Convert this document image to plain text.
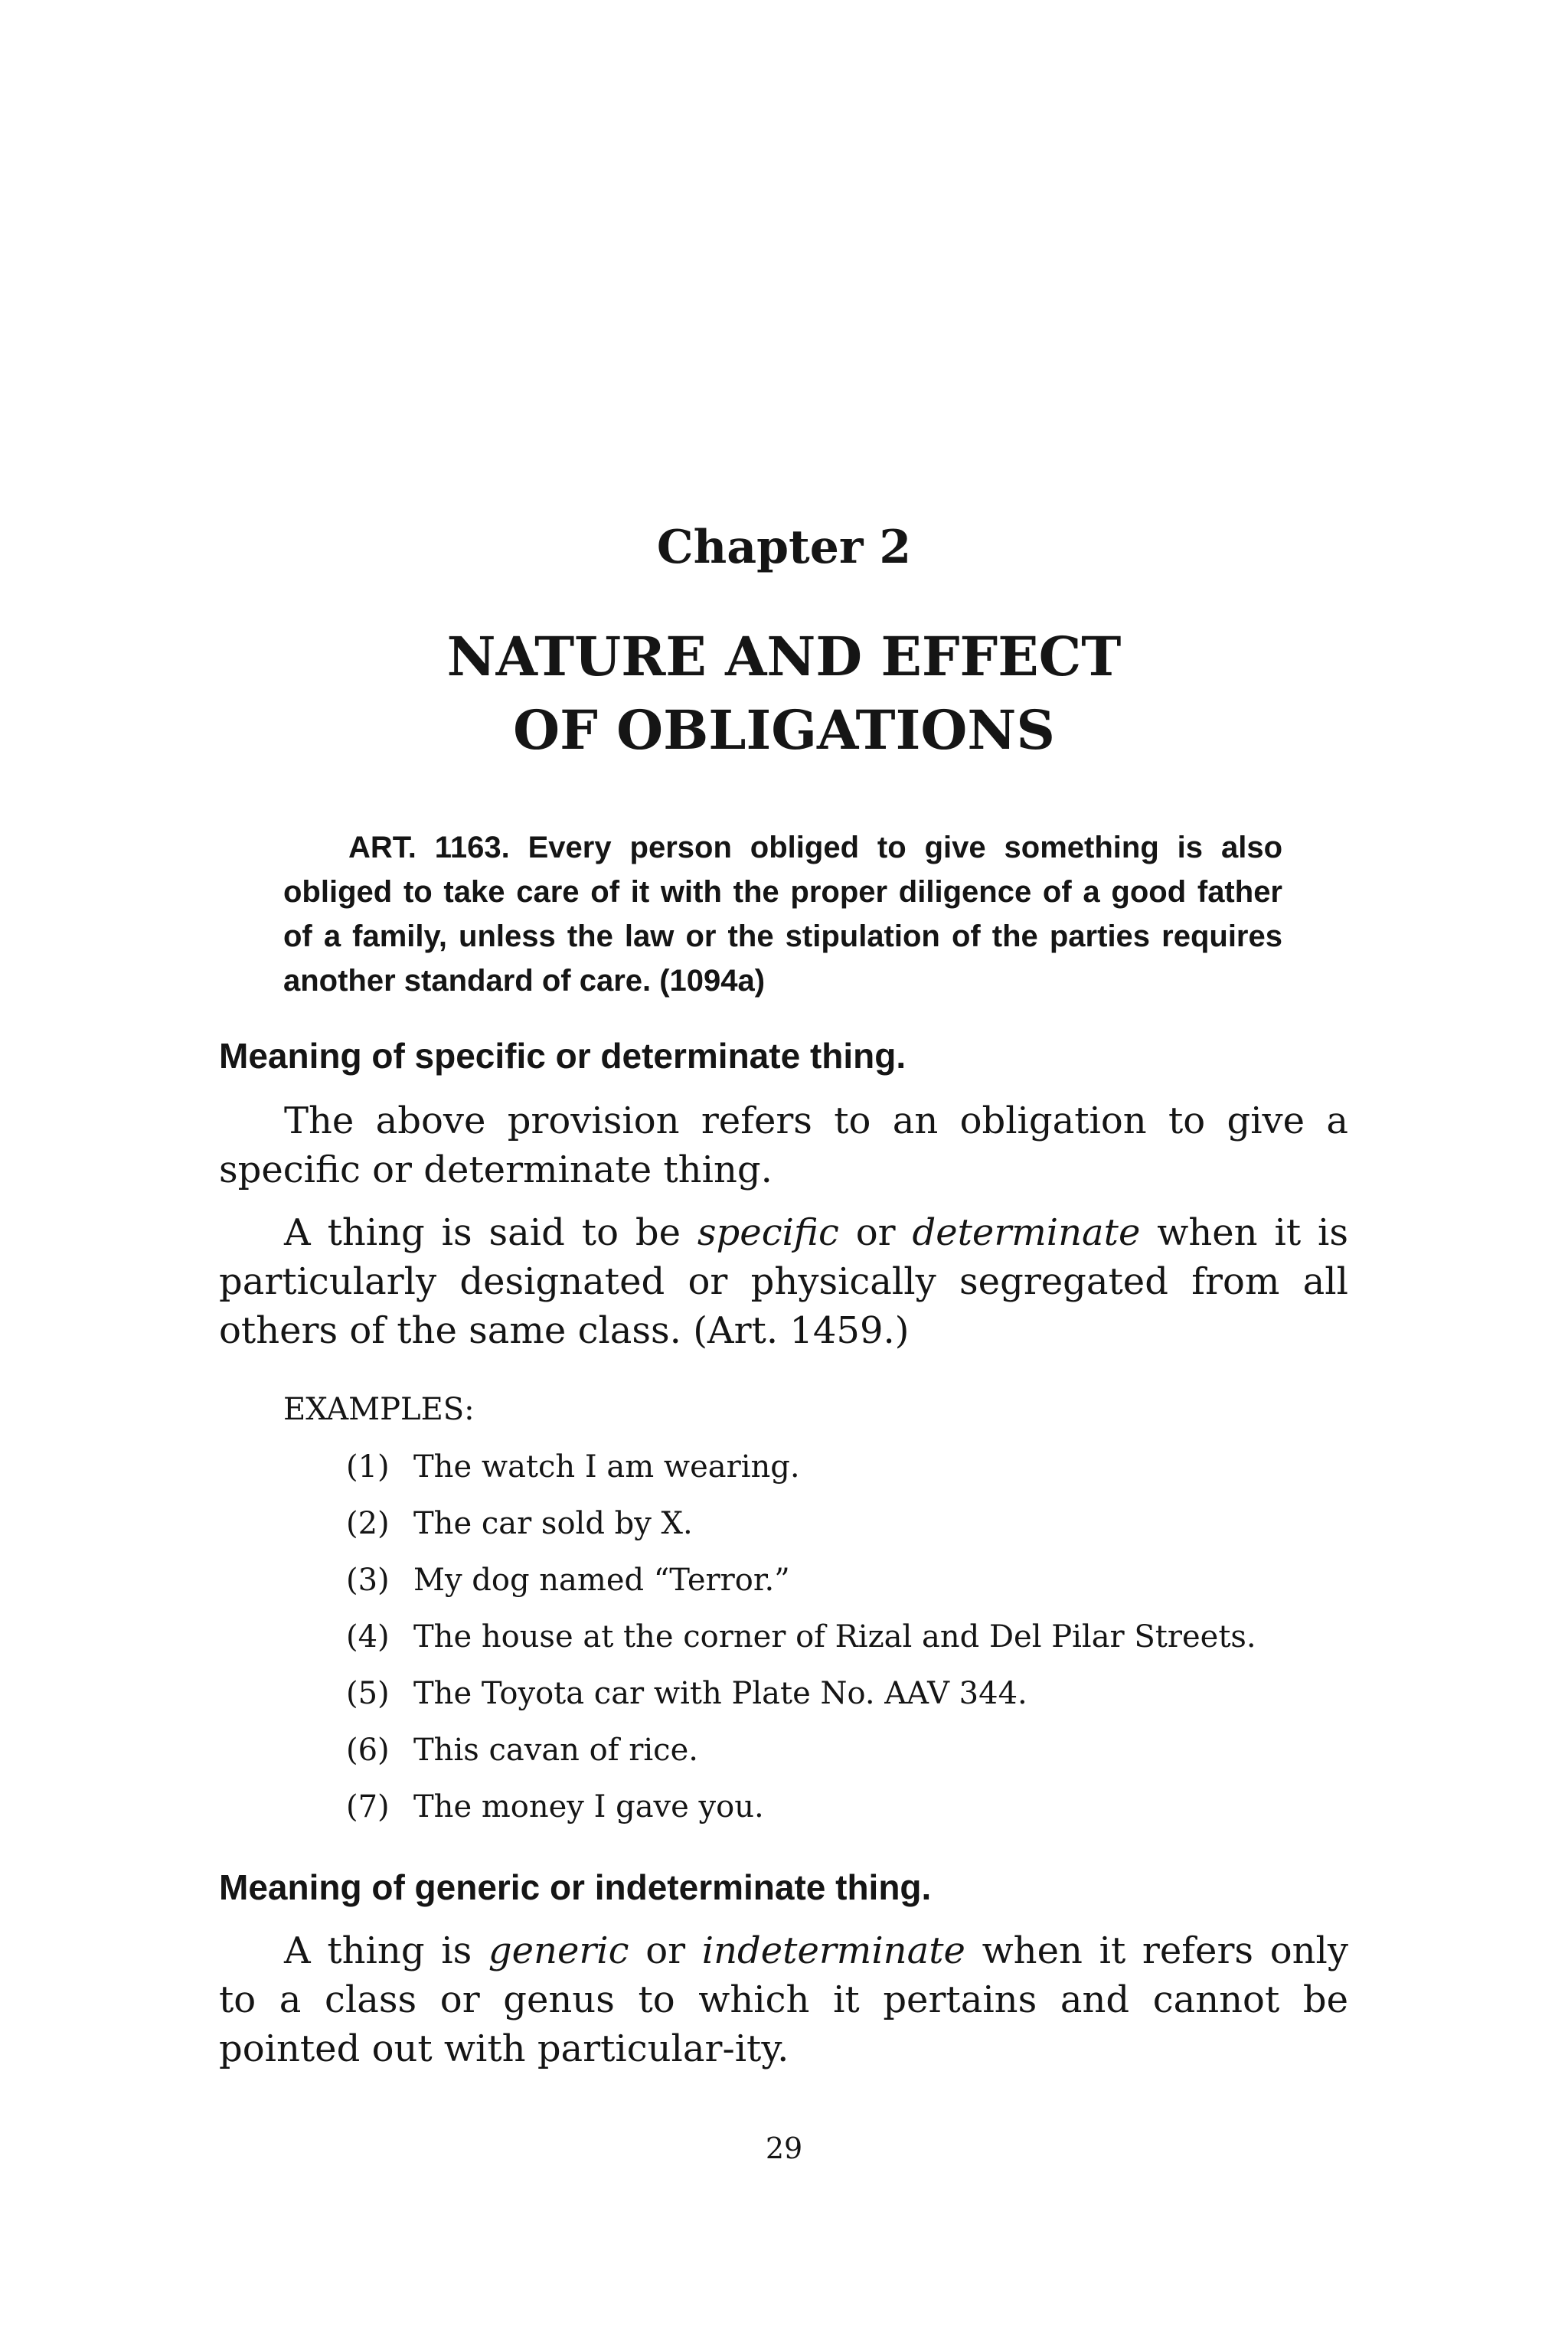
Chapter 2
NATURE AND EFFECT
OF OBLIGATIONS
ART. 1163. Every person obliged to give something is also obliged to take care of it with the proper diligence of a good father of a family, unless the law or the stipulation of the parties requires another standard of care. (1094a)
Meaning of specific or determinate thing.
The above provision refers to an obligation to give a specific or determinate thing.
A thing is said to be specific or determinate when it is particularly designated or physically segregated from all others of the same class. (Art. 1459.)
EXAMPLES:
(1) The watch I am wearing.
(2) The car sold by X.
(3) My dog named “Terror.”
(4) The house at the corner of Rizal and Del Pilar Streets.
(5) The Toyota car with Plate No. AAV 344.
(6) This cavan of rice.
(7) The money I gave you.
Meaning of generic or indeterminate thing.
A thing is generic or indeterminate when it refers only to a class or genus to which it pertains and cannot be pointed out with particular-ity.
29
